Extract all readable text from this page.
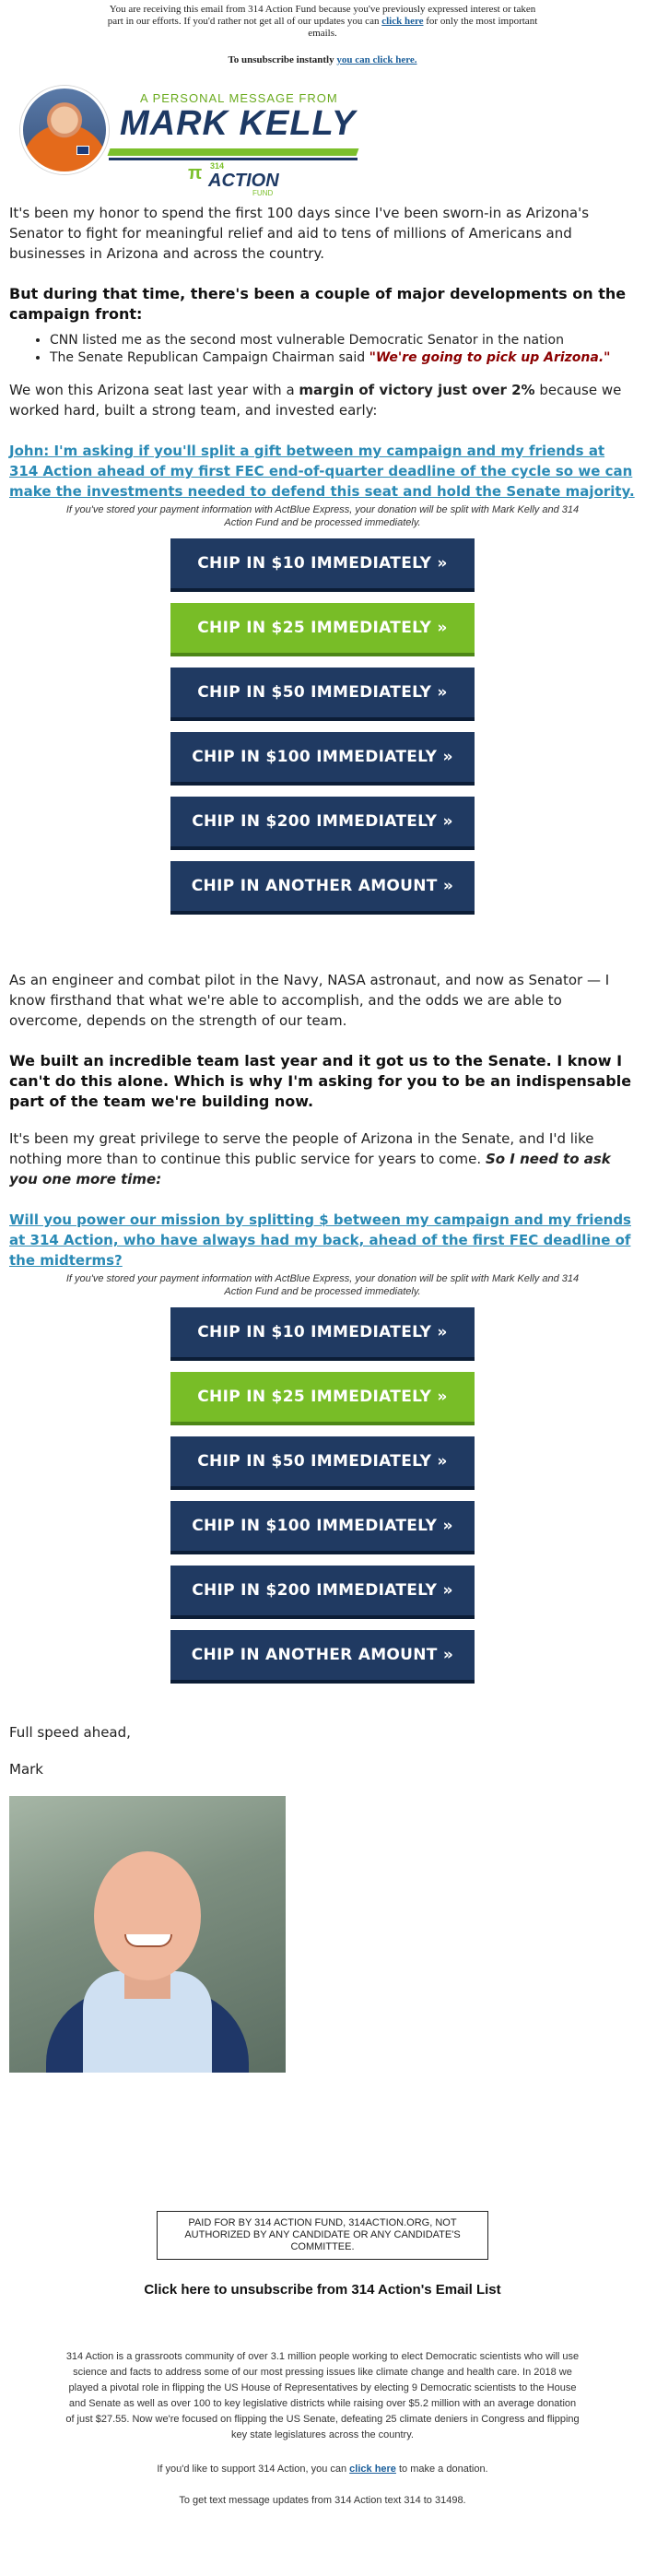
You are receiving this email from 314 Action Fund because you've previously expressed interest or taken part in our efforts. If you'd rather not get all of our updates you can click here for only the most important emails.
To unsubscribe instantly you can click here.
A PERSONAL MESSAGE FROM
MARK KELLY
π 314
ACTION
FUND

It's been my honor to spend the first 100 days since I've been sworn-in as Arizona's Senator to fight for meaningful relief and aid to tens of millions of Americans and businesses in Arizona and across the country.

But during that time, there's been a couple of major developments on the campaign front:
• CNN listed me as the second most vulnerable Democratic Senator in the nation
• The Senate Republican Campaign Chairman said "We're going to pick up Arizona."

We won this Arizona seat last year with a margin of victory just over 2% because we worked hard, built a strong team, and invested early:

John: I'm asking if you'll split a gift between my campaign and my friends at 314 Action ahead of my first FEC end-of-quarter deadline of the cycle so we can make the investments needed to defend this seat and hold the Senate majority.
If you've stored your payment information with ActBlue Express, your donation will be split with Mark Kelly and 314 Action Fund and be processed immediately.
CHIP IN $10 IMMEDIATELY »
CHIP IN $25 IMMEDIATELY »
CHIP IN $50 IMMEDIATELY »
CHIP IN $100 IMMEDIATELY »
CHIP IN $200 IMMEDIATELY »
CHIP IN ANOTHER AMOUNT »

As an engineer and combat pilot in the Navy, NASA astronaut, and now as Senator — I know firsthand that what we're able to accomplish, and the odds we are able to overcome, depends on the strength of our team.

We built an incredible team last year and it got us to the Senate. I know I can't do this alone. Which is why I'm asking for you to be an indispensable part of the team we're building now.

It's been my great privilege to serve the people of Arizona in the Senate, and I'd like nothing more than to continue this public service for years to come. So I need to ask you one more time:

Will you power our mission by splitting $ between my campaign and my friends at 314 Action, who have always had my back, ahead of the first FEC deadline of the midterms?
If you've stored your payment information with ActBlue Express, your donation will be split with Mark Kelly and 314 Action Fund and be processed immediately.
CHIP IN $10 IMMEDIATELY »
CHIP IN $25 IMMEDIATELY »
CHIP IN $50 IMMEDIATELY »
CHIP IN $100 IMMEDIATELY »
CHIP IN $200 IMMEDIATELY »
CHIP IN ANOTHER AMOUNT »

Full speed ahead,

Mark

PAID FOR BY 314 ACTION FUND, 314ACTION.ORG, NOT AUTHORIZED BY ANY CANDIDATE OR ANY CANDIDATE'S COMMITTEE.
Click here to unsubscribe from 314 Action's Email List
314 Action is a grassroots community of over 3.1 million people working to elect Democratic scientists who will use science and facts to address some of our most pressing issues like climate change and health care. In 2018 we played a pivotal role in flipping the US House of Representatives by electing 9 Democratic scientists to the House and Senate as well as over 100 to key legislative districts while raising over $5.2 million with an average donation of just $27.55. Now we're focused on flipping the US Senate, defeating 25 climate deniers in Congress and flipping key state legislatures across the country.
If you'd like to support 314 Action, you can click here to make a donation.
To get text message updates from 314 Action text 314 to 31498.
